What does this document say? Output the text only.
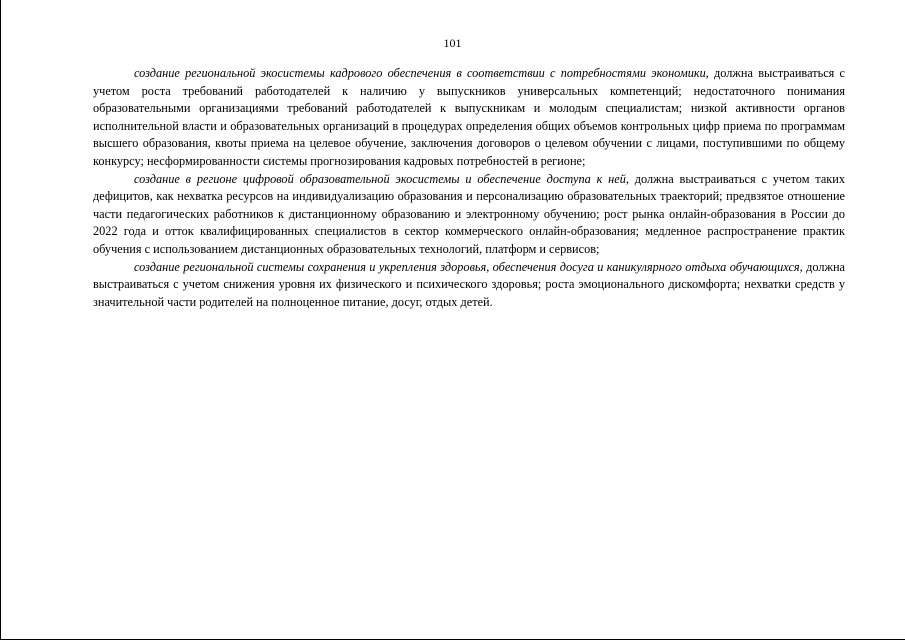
101

создание региональной экосистемы кадрового обеспечения в соответствии с потребностями экономики, должна выстраиваться с учетом роста требований работодателей к наличию у выпускников универсальных компетенций; недостаточного понимания образовательными организациями требований работодателей к выпускникам и молодым специалистам; низкой активности органов исполнительной власти и образовательных организаций в процедурах определения общих объемов контрольных цифр приема по программам высшего образования, квоты приема на целевое обучение, заключения договоров о целевом обучении с лицами, поступившими по общему конкурсу; несформированности системы прогнозирования кадровых потребностей в регионе;

создание в регионе цифровой образовательной экосистемы и обеспечение доступа к ней, должна выстраиваться с учетом таких дефицитов, как нехватка ресурсов на индивидуализацию образования и персонализацию образовательных траекторий; предвзятое отношение части педагогических работников к дистанционному образованию и электронному обучению; рост рынка онлайн-образования в России до 2022 года и отток квалифицированных специалистов в сектор коммерческого онлайн-образования; медленное распространение практик обучения с использованием дистанционных образовательных технологий, платформ и сервисов;

создание региональной системы сохранения и укрепления здоровья, обеспечения досуга и каникулярного отдыха обучающихся, должна выстраиваться с учетом снижения уровня их физического и психического здоровья; роста эмоционального дискомфорта; нехватки средств у значительной части родителей на полноценное питание, досуг, отдых детей.
